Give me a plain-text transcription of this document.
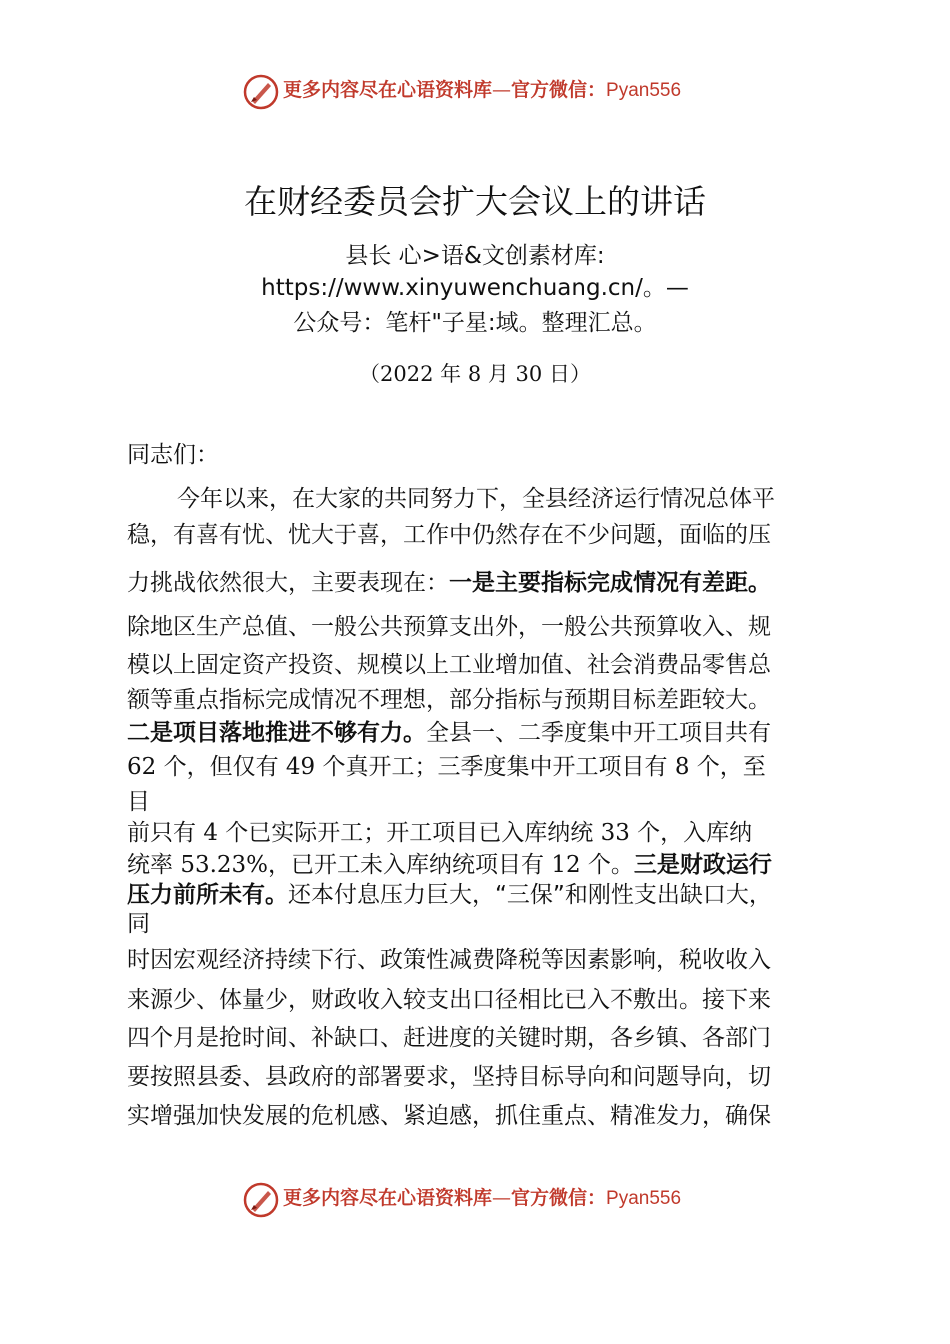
更多内容尽在心语资料库—官方微信：Pyan556
在财经委员会扩大会议上的讲话
县长 心>语&文创素材库:
https://www.xinyuwenchuang.cn/。—
公众号：笔杆"子星:域。整理汇总。
（2022 年 8 月 30 日）
同志们：
今年以来，在大家的共同努力下，全县经济运行情况总体平
稳，有喜有忧、忧大于喜，工作中仍然存在不少问题，面临的压
力挑战依然很大，主要表现在：一是主要指标完成情况有差距。
除地区生产总值、一般公共预算支出外，一般公共预算收入、规
模以上固定资产投资、规模以上工业增加值、社会消费品零售总
额等重点指标完成情况不理想，部分指标与预期目标差距较大。
二是项目落地推进不够有力。全县一、二季度集中开工项目共有
62 个，但仅有 49 个真开工；三季度集中开工项目有 8 个，至
目
前只有 4 个已实际开工；开工项目已入库纳统 33 个，入库纳
统率 53.23%，已开工未入库纳统项目有 12 个。三是财政运行
压力前所未有。还本付息压力巨大，“三保”和刚性支出缺口大，
同
时因宏观经济持续下行、政策性减费降税等因素影响，税收收入
来源少、体量少，财政收入较支出口径相比已入不敷出。接下来
四个月是抢时间、补缺口、赶进度的关键时期，各乡镇、各部门
要按照县委、县政府的部署要求，坚持目标导向和问题导向，切
实增强加快发展的危机感、紧迫感，抓住重点、精准发力，确保
更多内容尽在心语资料库—官方微信：Pyan556
